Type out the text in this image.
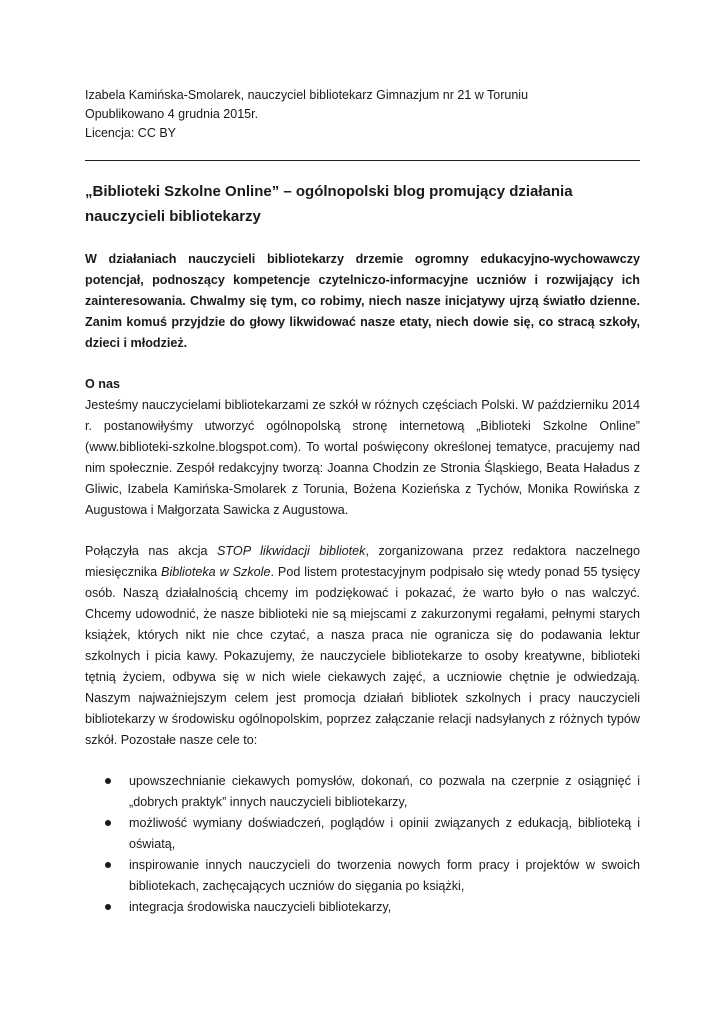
Izabela Kamińska-Smolarek, nauczyciel bibliotekarz Gimnazjum nr 21 w Toruniu

Opublikowano 4 grudnia 2015r.

Licencja: CC BY

„Biblioteki Szkolne Online” – ogólnopolski blog promujący działania nauczycieli bibliotekarzy

W działaniach nauczycieli bibliotekarzy drzemie ogromny edukacyjno-wychowawczy potencjał, podnoszący kompetencje czytelniczo-informacyjne uczniów i rozwijający ich zainteresowania. Chwalmy się tym, co robimy, niech nasze inicjatywy ujrzą światło dzienne. Zanim komuś przyjdzie do głowy likwidować nasze etaty, niech dowie się, co stracą szkoły, dzieci i młodzież.

O nas

Jesteśmy nauczycielami bibliotekarzami ze szkół w różnych częściach Polski. W październiku 2014 r. postanowiłyśmy utworzyć ogólnopolską stronę internetową „Biblioteki Szkolne Online” (www.biblioteki-szkolne.blogspot.com). To wortal poświęcony określonej tematyce, pracujemy nad nim społecznie. Zespół redakcyjny tworzą: Joanna Chodzin ze Stronia Śląskiego, Beata Haładus z Gliwic, Izabela Kamińska-Smolarek z Torunia, Bożena Kozieńska z Tychów, Monika Rowińska z Augustowa i Małgorzata Sawicka z Augustowa.

Połączyła nas akcja STOP likwidacji bibliotek, zorganizowana przez redaktora naczelnego miesięcznika Biblioteka w Szkole. Pod listem protestacyjnym podpisało się wtedy ponad 55 tysięcy osób. Naszą działalnością chcemy im podziękować i pokazać, że warto było o nas walczyć. Chcemy udowodnić, że nasze biblioteki nie są miejscami z zakurzonymi regałami, pełnymi starych książek, których nikt nie chce czytać, a nasza praca nie ogranicza się do podawania lektur szkolnych i picia kawy. Pokazujemy, że nauczyciele bibliotekarze to osoby kreatywne, biblioteki tętnią życiem, odbywa się w nich wiele ciekawych zajęć, a uczniowie chętnie je odwiedzają. Naszym najważniejszym celem jest promocja działań bibliotek szkolnych i pracy nauczycieli bibliotekarzy w środowisku ogólnopolskim, poprzez załączanie relacji nadsyłanych z różnych typów szkół. Pozostałe nasze cele to:

upowszechnianie ciekawych pomysłów, dokonań, co pozwala na czerpnie z osiągnięć i „dobrych praktyk” innych nauczycieli bibliotekarzy,
możliwość wymiany doświadczeń, poglądów i opinii związanych z edukacją, biblioteką i oświatą,
inspirowanie innych nauczycieli do tworzenia nowych form pracy i projektów w swoich bibliotekach, zachęcających uczniów do sięgania po książki,
integracja środowiska nauczycieli bibliotekarzy,
